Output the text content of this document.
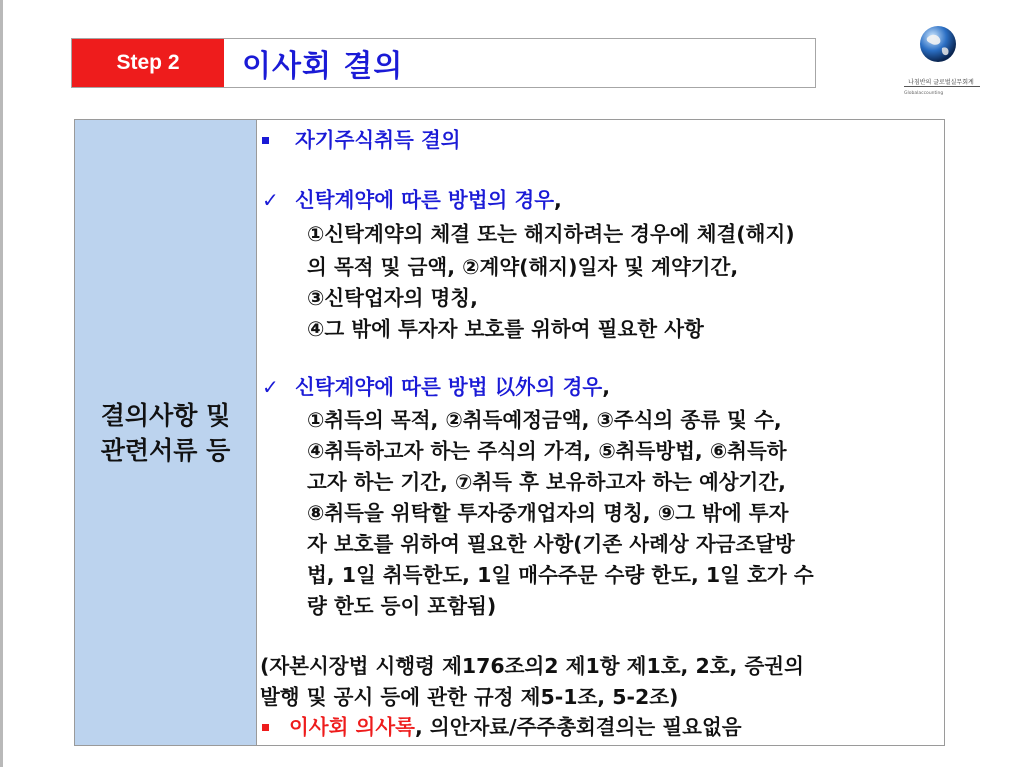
Step 2	이사회 결의	나침반의 글로벌실무회계
Globalaccounting
결의사항 및
관련서류 등
자기주식취득 결의
✓ 신탁계약에 따른 방법의 경우,
①신탁계약의 체결 또는 해지하려는 경우에 체결(해지)
의 목적 및 금액, ②계약(해지)일자 및 계약기간,
③신탁업자의 명칭,
④그 밖에 투자자 보호를 위하여 필요한 사항
✓ 신탁계약에 따른 방법 以外의 경우,
①취득의 목적, ②취득예정금액, ③주식의 종류 및 수,
④취득하고자 하는 주식의 가격, ⑤취득방법, ⑥취득하
고자 하는 기간, ⑦취득 후 보유하고자 하는 예상기간,
⑧취득을 위탁할 투자중개업자의 명칭, ⑨그 밖에 투자
자 보호를 위하여 필요한 사항(기존 사례상 자금조달방
법, 1일 취득한도, 1일 매수주문 수량 한도, 1일 호가 수
량 한도 등이 포함됨)
(자본시장법 시행령 제176조의2 제1항 제1호, 2호, 증권의
발행 및 공시 등에 관한 규정 제5-1조, 5-2조)
이사회 의사록, 의안자료/주주총회결의는 필요없음
